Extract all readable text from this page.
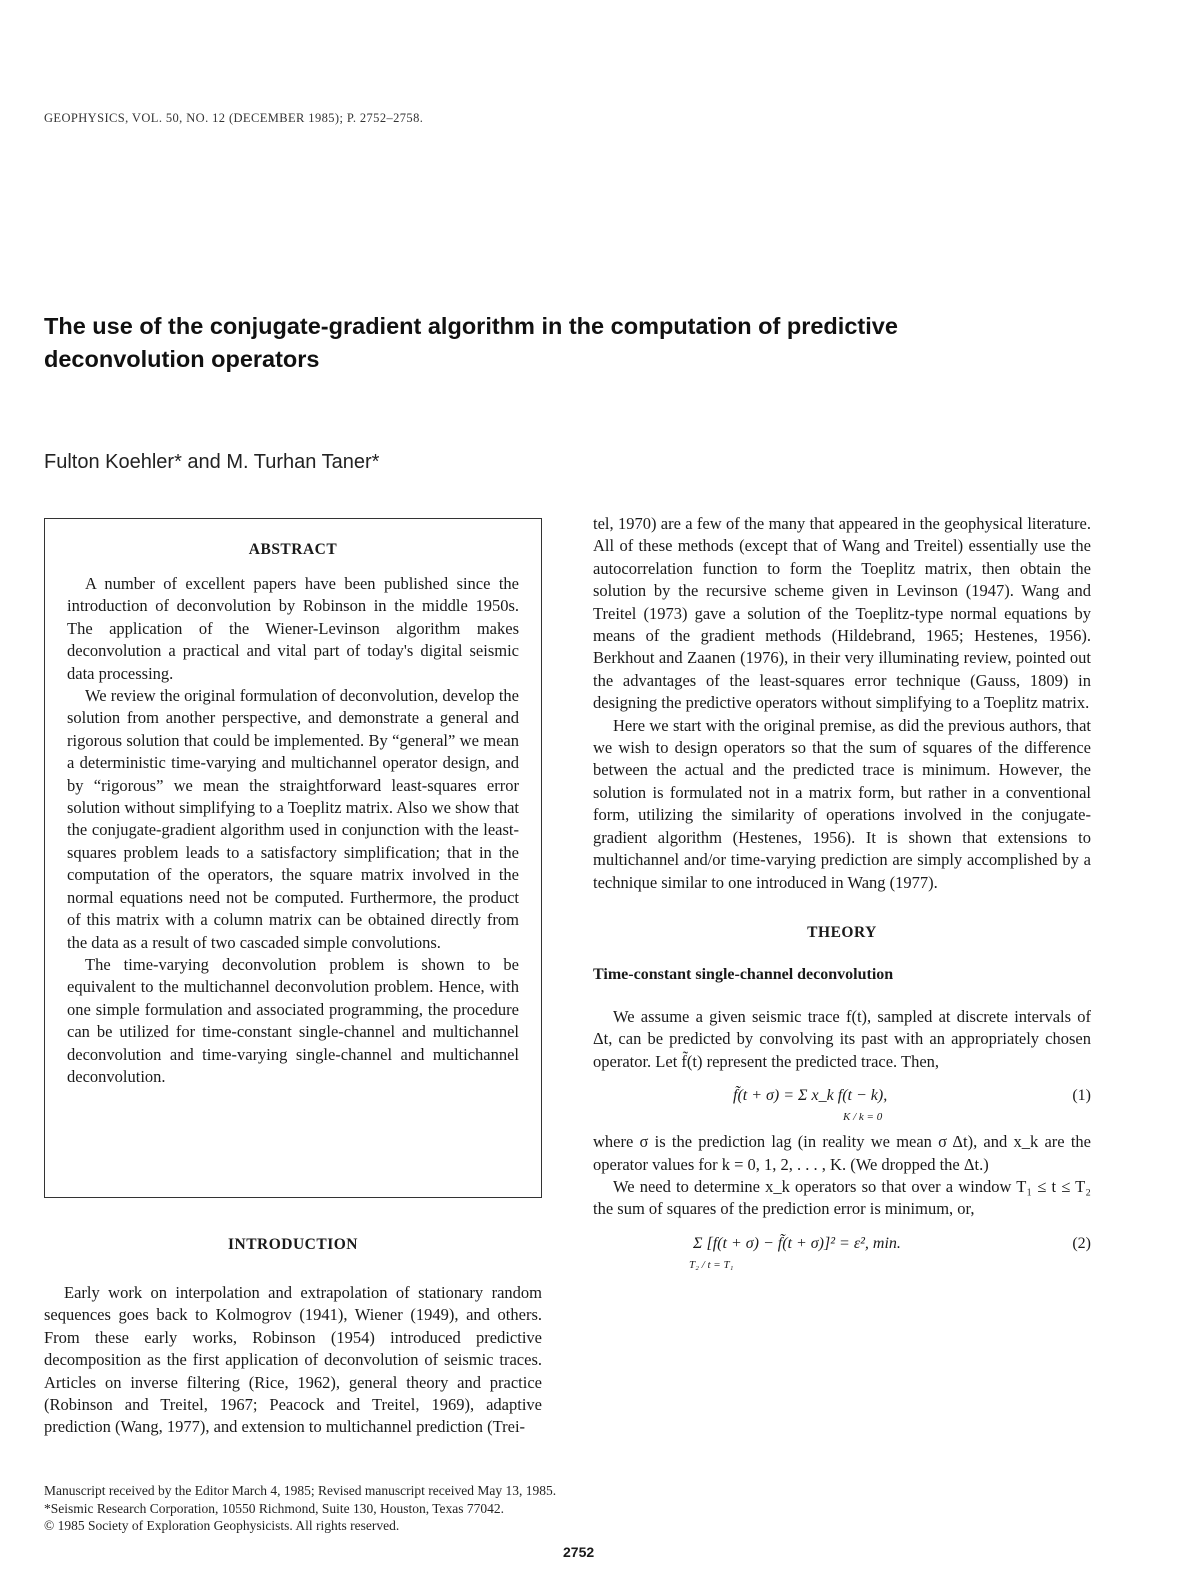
GEOPHYSICS, VOL. 50, NO. 12 (DECEMBER 1985); P. 2752–2758.
The use of the conjugate-gradient algorithm in the computation of predictive deconvolution operators
Fulton Koehler* and M. Turhan Taner*
ABSTRACT

A number of excellent papers have been published since the introduction of deconvolution by Robinson in the middle 1950s. The application of the Wiener-Levinson algorithm makes deconvolution a practical and vital part of today's digital seismic data processing.

We review the original formulation of deconvolution, develop the solution from another perspective, and demonstrate a general and rigorous solution that could be implemented. By “general” we mean a deterministic time-varying and multichannel operator design, and by “rigorous” we mean the straightforward least-squares error solution without simplifying to a Toeplitz matrix. Also we show that the conjugate-gradient algorithm used in conjunction with the least-squares problem leads to a satisfactory simplification; that in the computation of the operators, the square matrix involved in the normal equations need not be computed. Furthermore, the product of this matrix with a column matrix can be obtained directly from the data as a result of two cascaded simple convolutions.

The time-varying deconvolution problem is shown to be equivalent to the multichannel deconvolution problem. Hence, with one simple formulation and associated programming, the procedure can be utilized for time-constant single-channel and multichannel deconvolution and time-varying single-channel and multichannel deconvolution.

INTRODUCTION

Early work on interpolation and extrapolation of stationary random sequences goes back to Kolmogrov (1941), Wiener (1949), and others. From these early works, Robinson (1954) introduced predictive decomposition as the first application of deconvolution of seismic traces. Articles on inverse filtering (Rice, 1962), general theory and practice (Robinson and Treitel, 1967; Peacock and Treitel, 1969), adaptive prediction (Wang, 1977), and extension to multichannel prediction (Trei-

tel, 1970) are a few of the many that appeared in the geophysical literature. All of these methods (except that of Wang and Treitel) essentially use the autocorrelation function to form the Toeplitz matrix, then obtain the solution by the recursive scheme given in Levinson (1947). Wang and Treitel (1973) gave a solution of the Toeplitz-type normal equations by means of the gradient methods (Hildebrand, 1965; Hestenes, 1956). Berkhout and Zaanen (1976), in their very illuminating review, pointed out the advantages of the least-squares error technique (Gauss, 1809) in designing the predictive operators without simplifying to a Toeplitz matrix.

Here we start with the original premise, as did the previous authors, that we wish to design operators so that the sum of squares of the difference between the actual and the predicted trace is minimum. However, the solution is formulated not in a matrix form, but rather in a conventional form, utilizing the similarity of operations involved in the conjugate-gradient algorithm (Hestenes, 1956). It is shown that extensions to multichannel and/or time-varying prediction are simply accomplished by a technique similar to one introduced in Wang (1977).

THEORY

Time-constant single-channel deconvolution

We assume a given seismic trace f(t), sampled at discrete intervals of Δt, can be predicted by convolving its past with an appropriately chosen operator. Let f̃(t) represent the predicted trace. Then,

f̃(t + σ) = Σ x_k f(t − k),
K / k = 0
(1)

where σ is the prediction lag (in reality we mean σ Δt), and x_k are the operator values for k = 0, 1, 2, . . . , K. (We dropped the Δt.)

We need to determine x_k operators so that over a window T₁ ≤ t ≤ T₂ the sum of squares of the prediction error is minimum, or,

Σ [f(t + σ) − f̃(t + σ)]² = ε², min.
T₂ / t = T₁
(2)
Manuscript received by the Editor March 4, 1985; Revised manuscript received May 13, 1985.
*Seismic Research Corporation, 10550 Richmond, Suite 130, Houston, Texas 77042.
© 1985 Society of Exploration Geophysicists. All rights reserved.
2752
